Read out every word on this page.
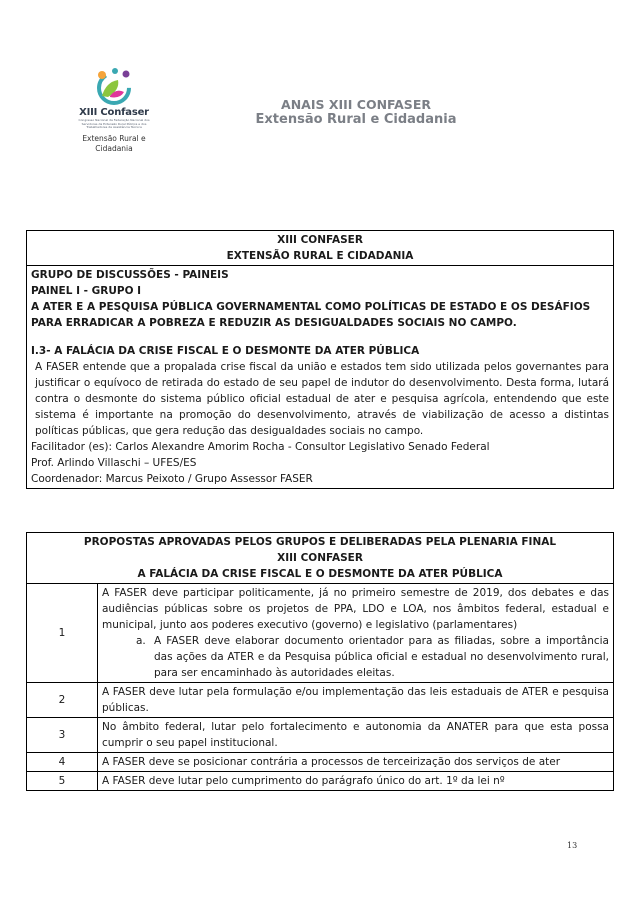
XIII Confaser
Congresso Nacional da Federação Nacional dos Servidores da Extensão Rural Pública e dos Trabalhadores da Assistência Técnica
Extensão Rural e
Cidadania
ANAIS XIII CONFASER
Extensão Rural e Cidadania
XIII CONFASER
EXTENSÃO RURAL E CIDADANIA

GRUPO DE DISCUSSÕES - PAINEIS
PAINEL I - GRUPO I
A ATER E A PESQUISA PÚBLICA GOVERNAMENTAL COMO POLÍTICAS DE ESTADO E OS DESÁFIOS PARA ERRADICAR A POBREZA E REDUZIR AS DESIGUALDADES SOCIAIS NO CAMPO.
I.3- A FALÁCIA DA CRISE FISCAL E O DESMONTE DA ATER PÚBLICA
A FASER entende que a propalada crise fiscal da união e estados tem sido utilizada pelos governantes para justificar o equívoco de retirada do estado de seu papel de indutor do desenvolvimento. Desta forma, lutará contra o desmonte do sistema público oficial estadual de ater e pesquisa agrícola, entendendo que este sistema é importante na promoção do desenvolvimento, através de viabilização de acesso a distintas políticas públicas, que gera redução das desigualdades sociais no campo.
Facilitador (es): Carlos Alexandre Amorim Rocha - Consultor Legislativo Senado Federal
Prof. Arlindo Villaschi – UFES/ES
Coordenador: Marcus Peixoto / Grupo Assessor FASER
PROPOSTAS APROVADAS PELOS GRUPOS E DELIBERADAS PELA PLENARIA FINAL
XIII CONFASER
A FALÁCIA DA CRISE FISCAL E O DESMONTE DA ATER PÚBLICA	

1	A FASER deve participar politicamente, já no primeiro semestre de 2019, dos debates e das audiências públicas sobre os projetos de PPA, LDO e LOA, nos âmbitos federal, estadual e municipal, junto aos poderes executivo (governo) e legislativo (parlamentares)
a. A FASER deve elaborar documento orientador para as filiadas, sobre a importância das ações da ATER e da Pesquisa pública oficial e estadual no desenvolvimento rural, para ser encaminhado às autoridades eleitas.

2	A FASER deve lutar pela formulação e/ou implementação das leis estaduais de ATER e pesquisa públicas.
3	No âmbito federal, lutar pelo fortalecimento e autonomia da ANATER para que esta possa cumprir o seu papel institucional.
4	A FASER deve se posicionar contrária a processos de terceirização dos serviços de ater
5	A FASER deve lutar pelo cumprimento do parágrafo único do art. 1º da lei nº
13
